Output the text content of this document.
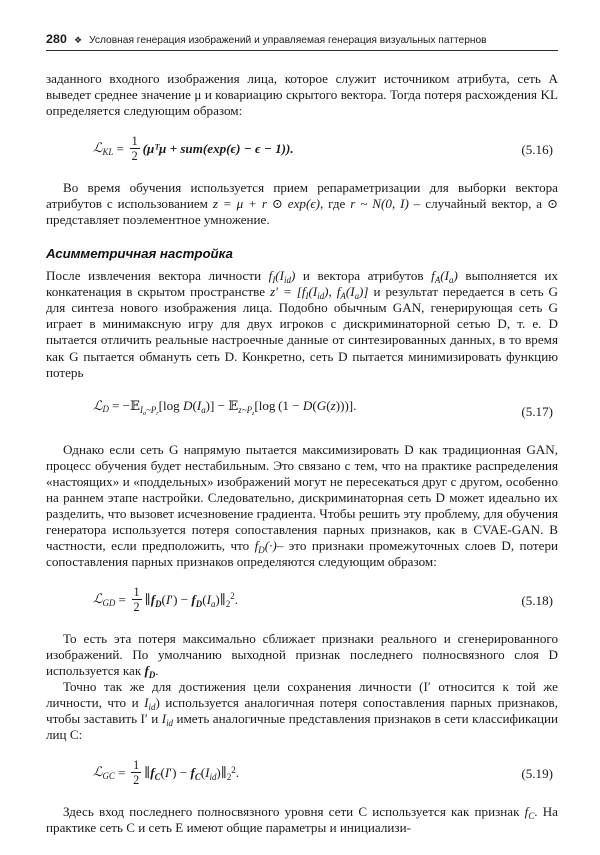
280 ❖ Условная генерация изображений и управляемая генерация визуальных паттернов

заданного входного изображения лица, которое служит источником атрибута, сеть A выведет среднее значение μ и ковариацию скрытого вектора. Тогда потеря расхождения KL определяется следующим образом:

ℒ$_{KL}$ = $\frac{1}{2}$ (μᵀμ + sum(exp(ϵ) − ϵ − 1)).	(5.16)

Во время обучения используется прием репараметризации для выборки вектора атрибутов с использованием z = μ + r ⊙ exp(ϵ), где r ~ N(0, I) – случайный вектор, а ⊙ представляет поэлементное умножение.

Асимметричная настройка

После извлечения вектора личности $f_I(I_{id})$ и вектора атрибутов $f_A(I_a)$ выполняется их конкатенация в скрытом пространстве $z' = [f_I(I_{id})$, $f_A(I_a)$] и результат передается в сеть G для синтеза нового изображения лица. Подобно обычным GAN, генерирующая сеть G играет в минимаксную игру для двух игроков с дискриминаторной сетью D, т. е. D пытается отличить реальные настроечные данные от синтезированных данных, в то время как G пытается обмануть сеть D. Конкретно, сеть D пытается минимизировать функцию потерь

ℒ$_D$ = −𝔼$_{I_a\sim P_r}$[log $D(I_a)$] − 𝔼$_{z\sim P_z}$[log (1 − D(G(z)))].	(5.17)

Однако если сеть G напрямую пытается максимизировать D как традиционная GAN, процесс обучения будет нестабильным. Это связано с тем, что на практике распределения «настоящих» и «поддельных» изображений могут не пересекаться друг с другом, особенно на раннем этапе настройки. Следовательно, дискриминаторная сеть D может идеально их разделить, что вызовет исчезновение градиента. Чтобы решить эту проблему, для обучения генератора используется потеря сопоставления парных признаков, как в CVAE-GAN. В частности, если предположить, что $f_D(\cdot)-$ это признаки промежуточных слоев D, потери сопоставления парных признаков определяются следующим образом:

ℒ$_{GD}$ = $\frac{1}{2}$ $\parallel f_D(I')$ − $f_D(I_a)\parallel_2^2$.	(5.18)

То есть эта потеря максимально сближает признаки реального и сгенерированного изображений. По умолчанию выходной признак последнего полносвязного слоя D используется как $f_D$.

Точно так же для достижения цели сохранения личности (I′ относится к той же личности, что и $I_{id}$) используется аналогичная потеря сопоставления парных признаков, чтобы заставить I′ и $I_{id}$ иметь аналогичные представления признаков в сети классификации лиц C:

ℒ$_{GC}$ = $\frac{1}{2}$ $\parallel f_C(I')$ − $f_C(I_{id})\parallel_2^2$.	(5.19)

Здесь вход последнего полносвязного уровня сети C используется как признак $f_C$. На практике сеть C и сеть E имеют общие параметры и инициализи-
